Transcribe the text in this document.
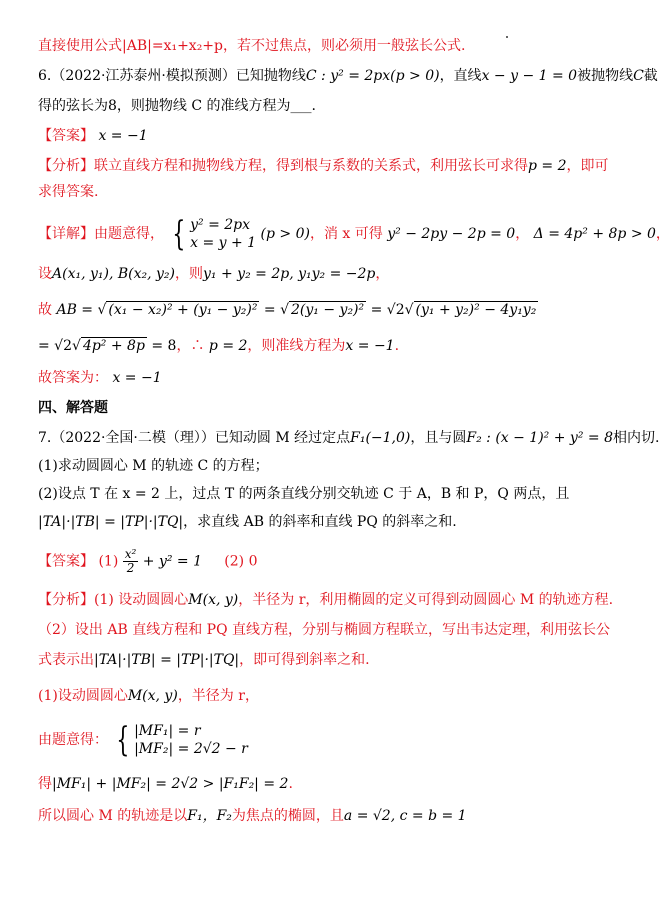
直接使用公式|AB|=x₁+x₂+p，若不过焦点，则必须用一般弦长公式.
6.（2022·江苏泰州·模拟预测）已知抛物线C : y² = 2px(p > 0)，直线x − y − 1 = 0被抛物线C截
得的弦长为8，则抛物线 C 的准线方程为___.
【答案】 x = −1
【分析】联立直线方程和抛物线方程，得到根与系数的关系式，利用弦长可求得p = 2，即可
求得答案.
【详解】由题意得， { y² = 2px
x = y + 1
(p > 0)，消 x 可得 y² − 2py − 2p = 0， Δ = 4p² + 8p > 0，
设A(x₁, y₁), B(x₂, y₂)，则y₁ + y₂ = 2p, y₁y₂ = −2p，
故 AB = √ (x₁ − x₂)² + (y₁ − y₂)² = √ 2(y₁ − y₂)² = √2√ (y₁ + y₂)² − 4y₁y₂
= √2√ 4p² + 8p = 8，∴ p = 2，则准线方程为x = −1.
故答案为： x = −1
四、解答题
7.（2022·全国·二模（理））已知动圆 M 经过定点F₁(−1,0)，且与圆F₂ : (x − 1)² + y² = 8相内切.
(1)求动圆圆心 M 的轨迹 C 的方程；
(2)设点 T 在 x = 2 上，过点 T 的两条直线分别交轨迹 C 于 A，B 和 P，Q 两点，且
|TA|·|TB| = |TP|·|TQ|，求直线 AB 的斜率和直线 PQ 的斜率之和.
【答案】 $(1) \frac{\text{x²}}{2} + y^2 = 1$ (2) 0
【分析】(1) 设动圆圆心M(x, y)，半径为 r，利用椭圆的定义可得到动圆圆心 M 的轨迹方程.
（2）设出 AB 直线方程和 PQ 直线方程，分别与椭圆方程联立，写出韦达定理，利用弦长公
式表示出|TA|·|TB| = |TP|·|TQ|，即可得到斜率之和.
(1)设动圆圆心M(x, y)，半径为 r，
由题意得： { |MF₁| = r
|MF₂| = 2√2 − r
得|MF₁| + |MF₂| = 2√2 > |F₁F₂| = 2.
所以圆心 M 的轨迹是以F₁，F₂为焦点的椭圆，且a = √2, c = b = 1
